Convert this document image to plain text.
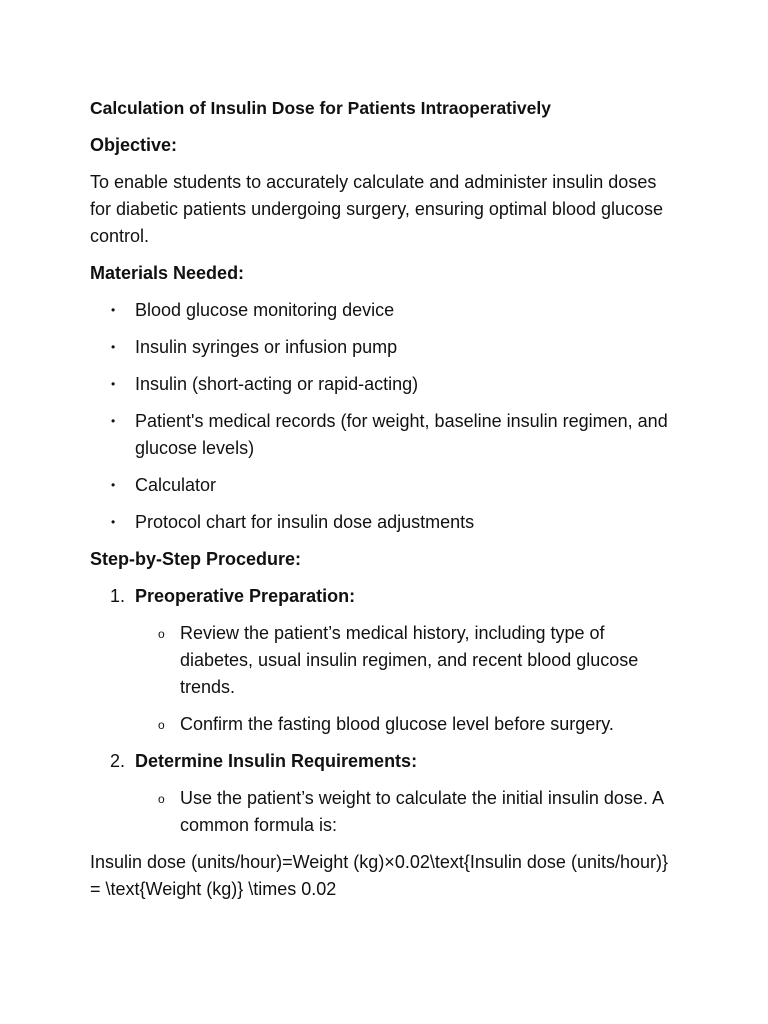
Calculation of Insulin Dose for Patients Intraoperatively
Objective:
To enable students to accurately calculate and administer insulin doses for diabetic patients undergoing surgery, ensuring optimal blood glucose control.
Materials Needed:
• Blood glucose monitoring device
• Insulin syringes or infusion pump
• Insulin (short-acting or rapid-acting)
• Patient's medical records (for weight, baseline insulin regimen, and glucose levels)
• Calculator
• Protocol chart for insulin dose adjustments
Step-by-Step Procedure:
1. Preoperative Preparation:
o Review the patient’s medical history, including type of diabetes, usual insulin regimen, and recent blood glucose trends.
o Confirm the fasting blood glucose level before surgery.
2. Determine Insulin Requirements:
o Use the patient’s weight to calculate the initial insulin dose. A common formula is:
Insulin dose (units/hour)=Weight (kg)×0.02\text{Insulin dose (units/hour)} = \text{Weight (kg)} \times 0.02
